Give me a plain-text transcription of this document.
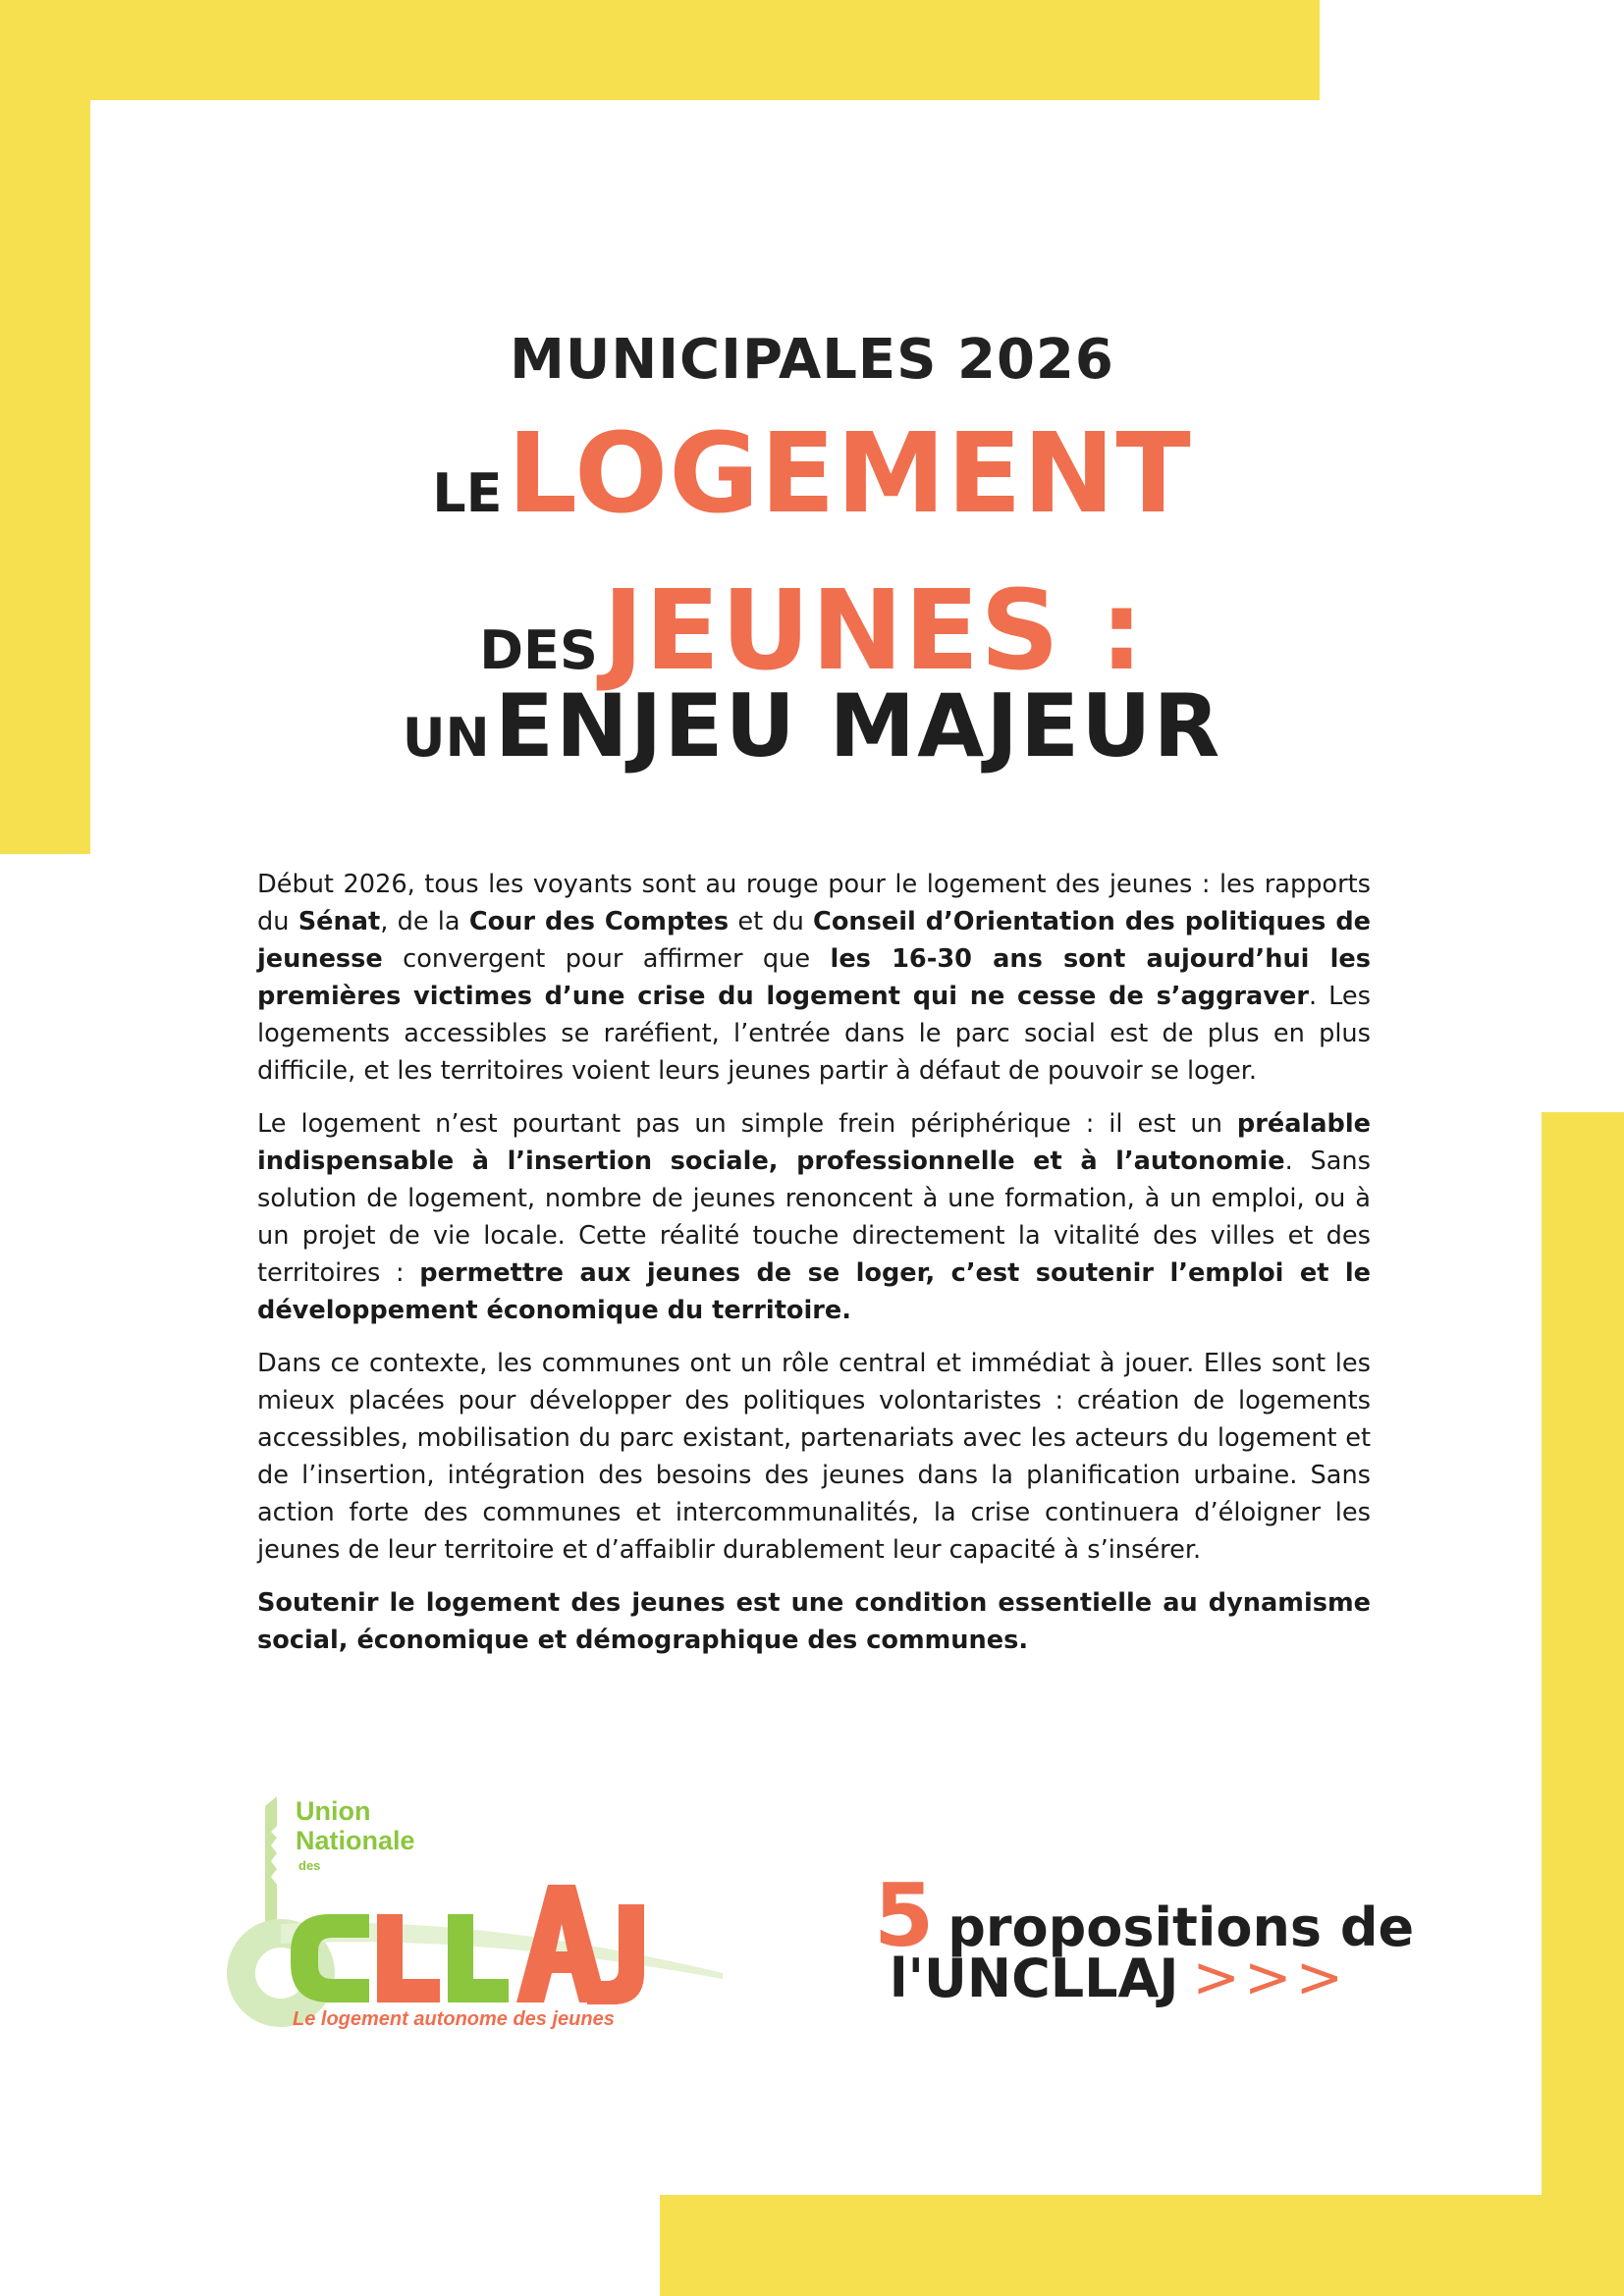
MUNICIPALES 2026
LE LOGEMENT
DES JEUNES :
UN ENJEU MAJEUR

Début 2026, tous les voyants sont au rouge pour le logement des jeunes : les rapports du Sénat, de la Cour des Comptes et du Conseil d’Orientation des politiques de jeunesse convergent pour affirmer que les 16-30 ans sont aujourd’hui les premières victimes d’une crise du logement qui ne cesse de s’aggraver. Les logements accessibles se raréfient, l’entrée dans le parc social est de plus en plus difficile, et les territoires voient leurs jeunes partir à défaut de pouvoir se loger.

Le logement n’est pourtant pas un simple frein périphérique : il est un préalable indispensable à l’insertion sociale, professionnelle et à l’autonomie. Sans solution de logement, nombre de jeunes renoncent à une formation, à un emploi, ou à un projet de vie locale. Cette réalité touche directement la vitalité des villes et des territoires : permettre aux jeunes de se loger, c’est soutenir l’emploi et le développement économique du territoire.

Dans ce contexte, les communes ont un rôle central et immédiat à jouer. Elles sont les mieux placées pour développer des politiques volontaristes : création de logements accessibles, mobilisation du parc existant, partenariats avec les acteurs du logement et de l’insertion, intégration des besoins des jeunes dans la planification urbaine. Sans action forte des communes et intercommunalités, la crise continuera d’éloigner les jeunes de leur territoire et d’affaiblir durablement leur capacité à s’insérer.

Soutenir le logement des jeunes est une condition essentielle au dynamisme social, économique et démographique des communes.

Union
Nationale
des
Le logement autonome des jeunes
5 propositions de
l'UNCLLAJ >>>
